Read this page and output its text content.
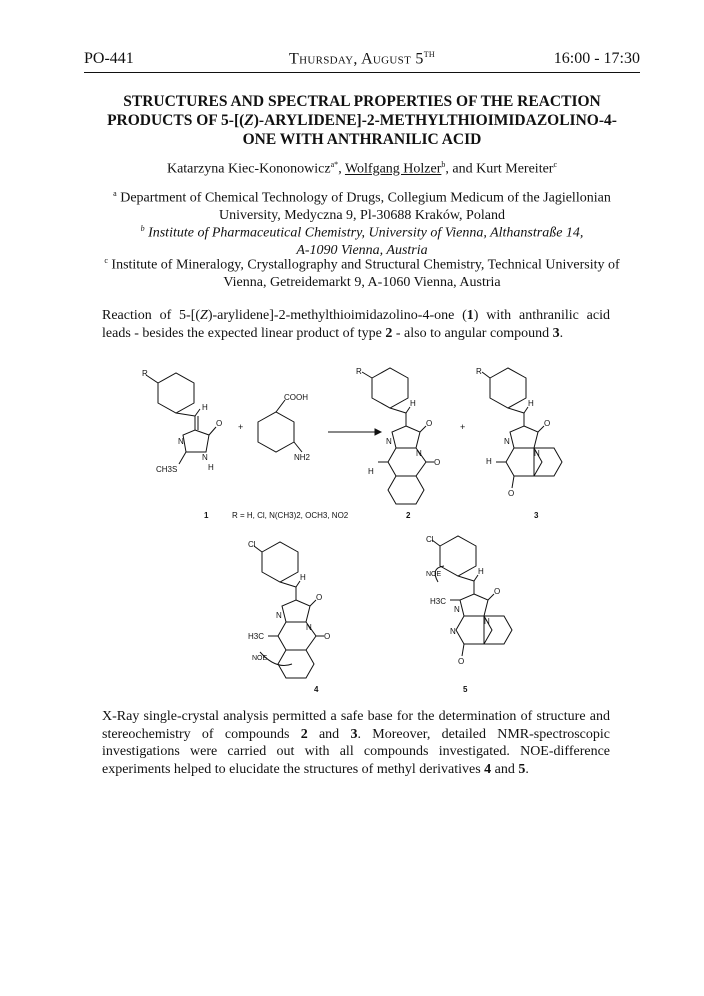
PO-441	Thursday, August 5TH	16:00 - 17:30
STRUCTURES AND SPECTRAL PROPERTIES OF THE REACTION
PRODUCTS OF 5-[(Z)-ARYLIDENE]-2-METHYLTHIOIMIDAZOLINO-4-
ONE WITH ANTHRANILIC ACID
Katarzyna Kiec-Kononowicz$^{a*}$, Wolfgang Holzer$^b$, and Kurt Mereiter$^c$
$^a$ Department of Chemical Technology of Drugs, Collegium Medicum of the Jagiellonian
University, Medyczna 9, Pl-30688 Kraków, Poland
$^b$ Institute of Pharmaceutical Chemistry, University of Vienna, Althanstraße 14,
A-1090 Vienna, Austria
$^c$ Institute of Mineralogy, Crystallography and Structural Chemistry, Technical University of
Vienna, Getreidemarkt 9, A-1060 Vienna, Austria
Reaction of 5-[(Z)-arylidene]-2-methylthioimidazolino-4-one (1) with anthranilic acid leads - besides the expected linear product of type 2 - also to angular compound 3.
R
H
O
N
N
H
CH3S
+
COOH
NH2
R
H
O
N
N
O
H
+
R
H
O
N
N
H
O
1	R = H, Cl, N(CH3)2, OCH3, NO2	2	3
Cl
H
O
N
N
O
H3C
NOE
4
Cl
NOE	H
O
H3C
N
N
N
O
5
X-Ray single-crystal analysis permitted a safe base for the determination of structure and stereochemistry of compounds 2 and 3. Moreover, detailed NMR-spectroscopic investigations were carried out with all compounds investigated. NOE-difference experiments helped to elucidate the structures of methyl derivatives 4 and 5.
